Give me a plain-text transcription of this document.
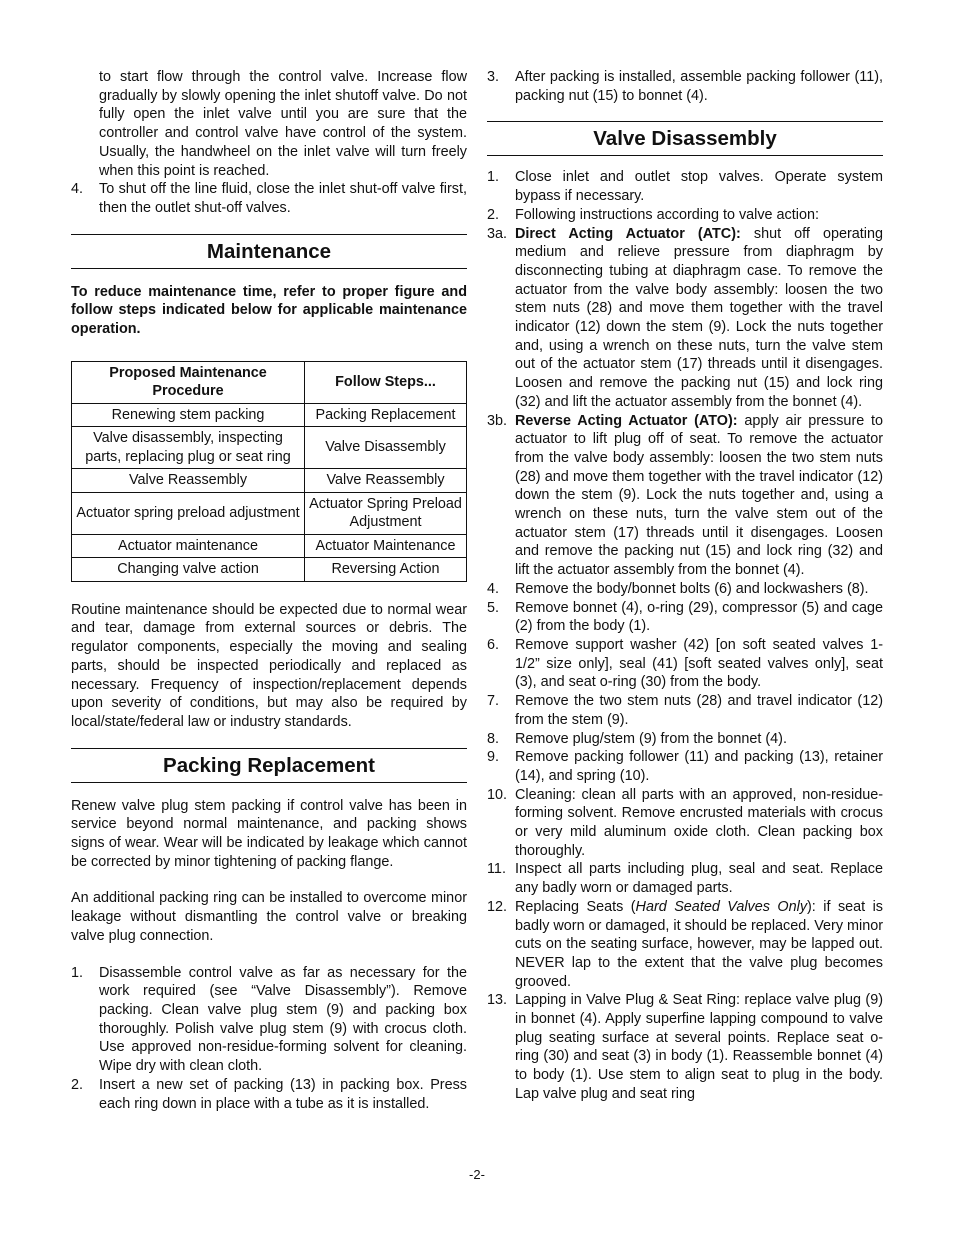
to start flow through the control valve. Increase flow gradually by slowly opening the inlet shutoff valve. Do not fully open the inlet valve until you are sure that the controller and control valve have control of the system. Usually, the handwheel on the inlet valve will turn freely when this point is reached.

4. To shut off the line fluid, close the inlet shut-off valve first, then the outlet shut-off valves.
Maintenance

To reduce maintenance time, refer to proper figure and follow steps indicated below for applicable maintenance operation.

Proposed Maintenance Procedure	Follow Steps...
Renewing stem packing	Packing Replacement
Valve disassembly, inspecting parts, replacing plug or seat ring	Valve Disassembly
Valve Reassembly	Valve Reassembly
Actuator spring preload adjustment	Actuator Spring Preload Adjustment
Actuator maintenance	Actuator Maintenance
Changing valve action	Reversing Action

Routine maintenance should be expected due to normal wear and tear, damage from external sources or debris. The regulator components, especially the moving and sealing parts, should be inspected periodically and replaced as necessary. Frequency of inspection/replacement depends upon severity of conditions, but may also be required by local/state/federal law or industry standards.

Packing Replacement

Renew valve plug stem packing if control valve has been in service beyond normal maintenance, and packing shows signs of wear. Wear will be indicated by leakage which cannot be corrected by minor tightening of packing flange.

An additional packing ring can be installed to overcome minor leakage without dismantling the control valve or breaking valve plug connection.

1. Disassemble control valve as far as necessary for the work required (see “Valve Disassembly”). Remove packing. Clean valve plug stem (9) and packing box thoroughly. Polish valve plug stem (9) with crocus cloth. Use approved non-residue-forming solvent for cleaning. Wipe dry with clean cloth.
2. Insert a new set of packing (13) in packing box. Press each ring down in place with a tube as it is installed.
3. After packing is installed, assemble packing follower (11), packing nut (15) to bonnet (4).
Valve Disassembly
1. Close inlet and outlet stop valves. Operate system bypass if necessary.
2. Following instructions according to valve action:
3a. Direct Acting Actuator (ATC): shut off operating medium and relieve pressure from diaphragm by disconnecting tubing at diaphragm case. To remove the actuator from the valve body assembly: loosen the two stem nuts (28) and move them together with the travel indicator (12) down the stem (9). Lock the nuts together and, using a wrench on these nuts, turn the valve stem out of the actuator stem (17) threads until it disengages. Loosen and remove the packing nut (15) and lock ring (32) and lift the actuator assembly from the bonnet (4).
3b. Reverse Acting Actuator (ATO): apply air pressure to actuator to lift plug off of seat. To remove the actuator from the valve body assembly: loosen the two stem nuts (28) and move them together with the travel indicator (12) down the stem (9). Lock the nuts together and, using a wrench on these nuts, turn the valve stem out of the actuator stem (17) threads until it disengages. Loosen and remove the packing nut (15) and lock ring (32) and lift the actuator assembly from the bonnet (4).
4. Remove the body/bonnet bolts (6) and lockwashers (8).
5. Remove bonnet (4), o-ring (29), compressor (5) and cage (2) from the body (1).
6. Remove support washer (42) [on soft seated valves 1-1/2” size only], seal (41) [soft seated valves only], seat (3), and seat o-ring (30) from the body.
7. Remove the two stem nuts (28) and travel indicator (12) from the stem (9).
8. Remove plug/stem (9) from the bonnet (4).
9. Remove packing follower (11) and packing (13), retainer (14), and spring (10).
10. Cleaning: clean all parts with an approved, non-residue-forming solvent. Remove encrusted materials with crocus or very mild aluminum oxide cloth. Clean packing box thoroughly.
11. Inspect all parts including plug, seal and seat. Replace any badly worn or damaged parts.
12. Replacing Seats (Hard Seated Valves Only): if seat is badly worn or damaged, it should be replaced. Very minor cuts on the seating surface, however, may be lapped out. NEVER lap to the extent that the valve plug becomes grooved.
13. Lapping in Valve Plug & Seat Ring: replace valve plug (9) in bonnet (4). Apply superfine lapping compound to valve plug seating surface at several points. Replace seat o-ring (30) and seat (3) in body (1). Reassemble bonnet (4) to body (1). Use stem to align seat to plug in the body. Lap valve plug and seat ring
-2-
